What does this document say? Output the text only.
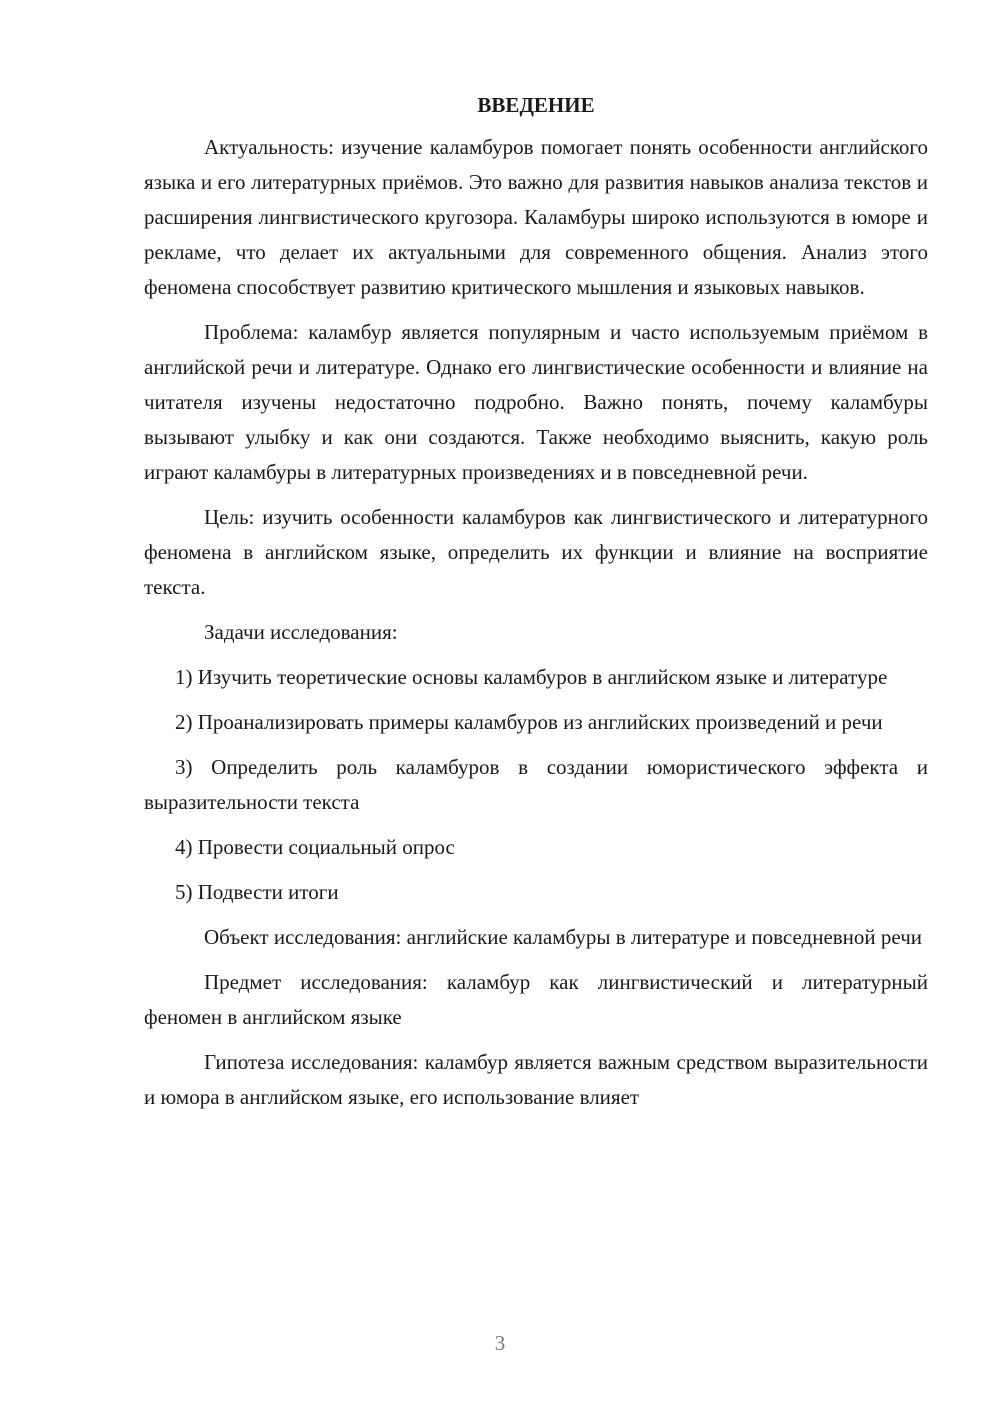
ВВЕДЕНИЕ

Актуальность: изучение каламбуров помогает понять особенности английского языка и его литературных приёмов. Это важно для развития навыков анализа текстов и расширения лингвистического кругозора. Каламбуры широко используются в юморе и рекламе, что делает их актуальными для современного общения. Анализ этого феномена способствует развитию критического мышления и языковых навыков.

Проблема: каламбур является популярным и часто используемым приёмом в английской речи и литературе. Однако его лингвистические особенности и влияние на читателя изучены недостаточно подробно. Важно понять, почему каламбуры вызывают улыбку и как они создаются. Также необходимо выяснить, какую роль играют каламбуры в литературных произведениях и в повседневной речи.

Цель: изучить особенности каламбуров как лингвистического и литературного феномена в английском языке, определить их функции и влияние на восприятие текста.

Задачи исследования:

1) Изучить теоретические основы каламбуров в английском языке и литературе

2) Проанализировать примеры каламбуров из английских произведений и речи

3) Определить роль каламбуров в создании юмористического эффекта и выразительности текста

4) Провести социальный опрос

5) Подвести итоги

Объект исследования: английские каламбуры в литературе и повседневной речи

Предмет исследования: каламбур как лингвистический и литературный феномен в английском языке

Гипотеза исследования: каламбур является важным средством выразительности и юмора в английском языке, его использование влияет

3
